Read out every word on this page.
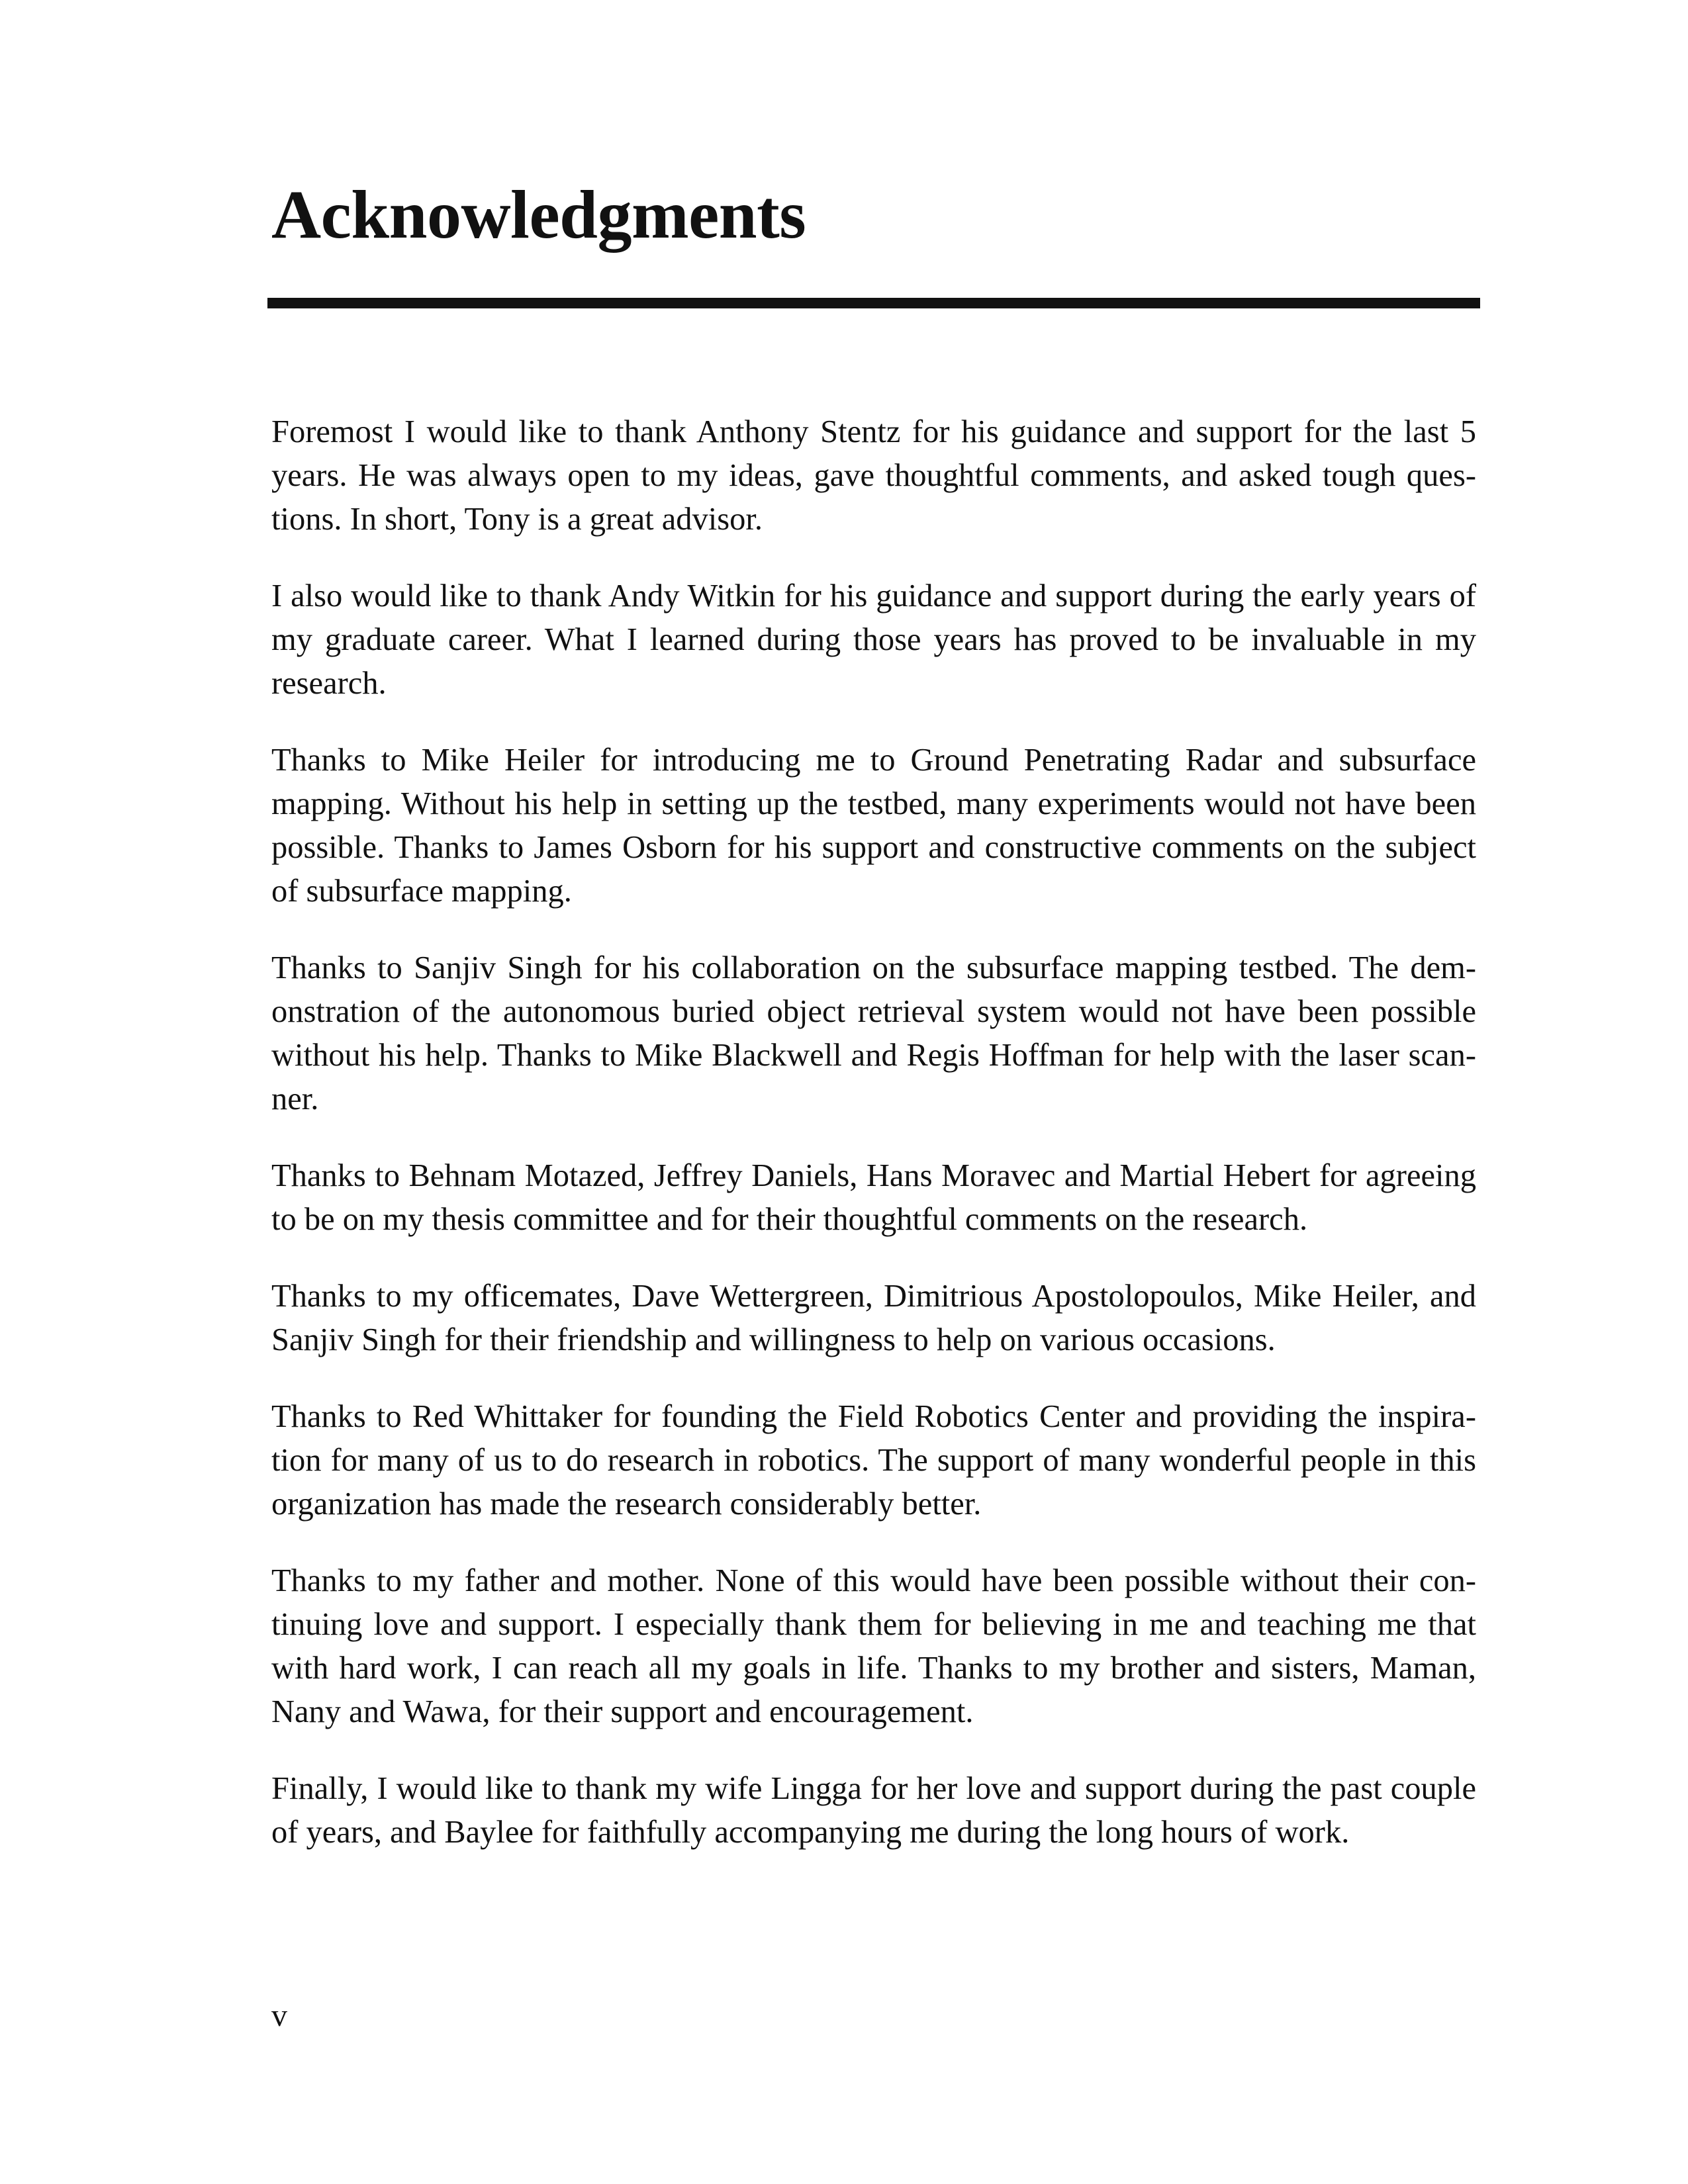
Acknowledgments

Foremost I would like to thank Anthony Stentz for his guidance and support for the last 5 years. He was always open to my ideas, gave thoughtful comments, and asked tough questions. In short, Tony is a great advisor.

I also would like to thank Andy Witkin for his guidance and support during the early years of my graduate career. What I learned during those years has proved to be invaluable in my research.

Thanks to Mike Heiler for introducing me to Ground Penetrating Radar and subsurface mapping. Without his help in setting up the testbed, many experiments would not have been possible. Thanks to James Osborn for his support and constructive comments on the subject of subsurface mapping.

Thanks to Sanjiv Singh for his collaboration on the subsurface mapping testbed. The demonstration of the autonomous buried object retrieval system would not have been possible without his help. Thanks to Mike Blackwell and Regis Hoffman for help with the laser scanner.

Thanks to Behnam Motazed, Jeffrey Daniels, Hans Moravec and Martial Hebert for agreeing to be on my thesis committee and for their thoughtful comments on the research.

Thanks to my officemates, Dave Wettergreen, Dimitrious Apostolopoulos, Mike Heiler, and Sanjiv Singh for their friendship and willingness to help on various occasions.

Thanks to Red Whittaker for founding the Field Robotics Center and providing the inspiration for many of us to do research in robotics. The support of many wonderful people in this organization has made the research considerably better.

Thanks to my father and mother. None of this would have been possible without their continuing love and support. I especially thank them for believing in me and teaching me that with hard work, I can reach all my goals in life. Thanks to my brother and sisters, Maman, Nany and Wawa, for their support and encouragement.

Finally, I would like to thank my wife Lingga for her love and support during the past couple of years, and Baylee for faithfully accompanying me during the long hours of work.

v
